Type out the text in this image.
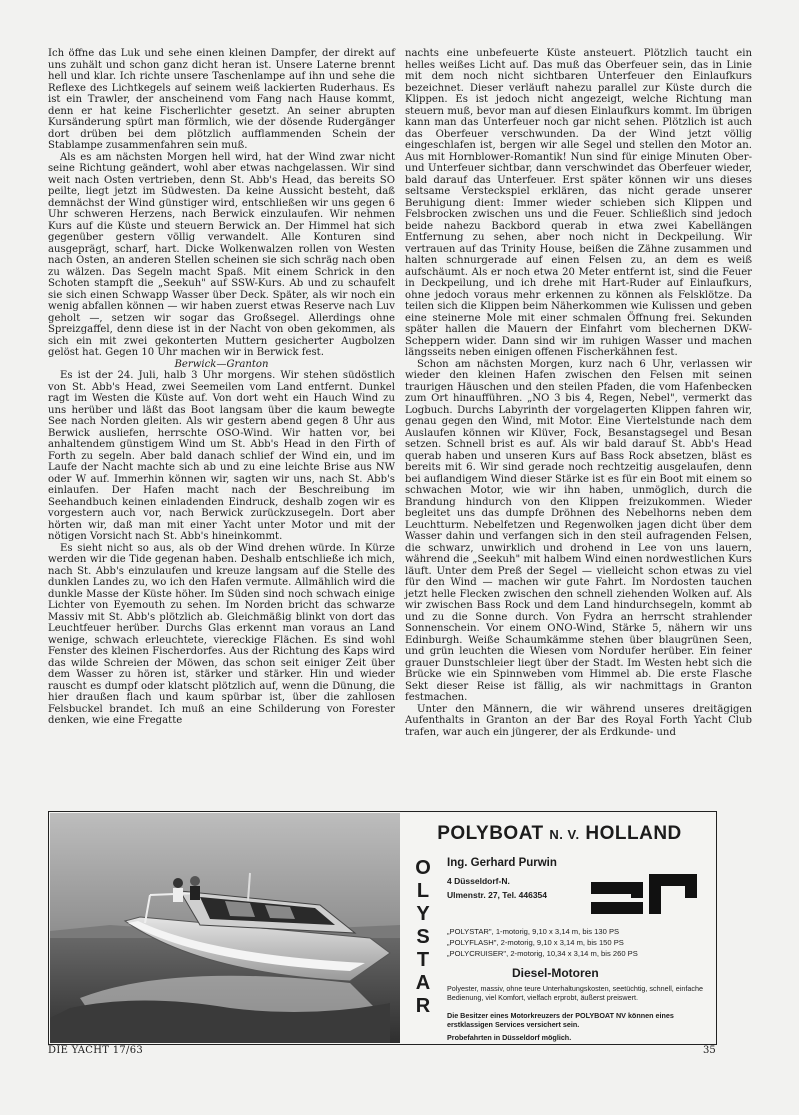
Ich öffne das Luk und sehe einen kleinen Dampfer, der direkt auf uns zuhält und schon ganz dicht heran ist. Unsere Laterne brennt hell und klar. Ich richte unsere Taschenlampe auf ihn und sehe die Reflexe des Lichtkegels auf seinem weiß lackierten Ruderhaus. Es ist ein Trawler, der anscheinend vom Fang nach Hause kommt, denn er hat keine Fischerlichter gesetzt. An seiner abrupten Kursänderung spürt man förmlich, wie der dösende Rudergänger dort drüben bei dem plötzlich aufflammenden Schein der Stablampe zusammenfahren sein muß.

Als es am nächsten Morgen hell wird, hat der Wind zwar nicht seine Richtung geändert, wohl aber etwas nachgelassen. Wir sind weit nach Osten vertrieben, denn St. Abb's Head, das bereits SO peilte, liegt jetzt im Südwesten. Da keine Aussicht besteht, daß demnächst der Wind günstiger wird, entschließen wir uns gegen 6 Uhr schweren Herzens, nach Berwick einzulaufen. Wir nehmen Kurs auf die Küste und steuern Berwick an. Der Himmel hat sich gegenüber gestern völlig verwandelt. Alle Konturen sind ausgeprägt, scharf, hart. Dicke Wolkenwalzen rollen von Westen nach Osten, an anderen Stellen scheinen sie sich schräg nach oben zu wälzen. Das Segeln macht Spaß. Mit einem Schrick in den Schoten stampft die „Seekuh" auf SSW-Kurs. Ab und zu schaufelt sie sich einen Schwapp Wasser über Deck. Später, als wir noch ein wenig abfallen können — wir haben zuerst etwas Reserve nach Luv geholt —, setzen wir sogar das Großsegel. Allerdings ohne Spreizgaffel, denn diese ist in der Nacht von oben gekommen, als sich ein mit zwei gekonterten Muttern gesicherter Augbolzen gelöst hat. Gegen 10 Uhr machen wir in Berwick fest.

Berwick—Granton

Es ist der 24. Juli, halb 3 Uhr morgens. Wir stehen südöstlich von St. Abb's Head, zwei Seemeilen vom Land entfernt. Dunkel ragt im Westen die Küste auf. Von dort weht ein Hauch Wind zu uns herüber und läßt das Boot langsam über die kaum bewegte See nach Norden gleiten. Als wir gestern abend gegen 8 Uhr aus Berwick ausliefen, herrschte OSO-Wind. Wir hatten vor, bei anhaltendem günstigem Wind um St. Abb's Head in den Firth of Forth zu segeln. Aber bald danach schlief der Wind ein, und im Laufe der Nacht machte sich ab und zu eine leichte Brise aus NW oder W auf. Immerhin können wir, sagten wir uns, nach St. Abb's einlaufen. Der Hafen macht nach der Beschreibung im Seehandbuch keinen einladenden Eindruck, deshalb zogen wir es vorgestern auch vor, nach Berwick zurückzusegeln. Dort aber hörten wir, daß man mit einer Yacht unter Motor und mit der nötigen Vorsicht nach St. Abb's hineinkommt.

Es sieht nicht so aus, als ob der Wind drehen würde. In Kürze werden wir die Tide gegenan haben. Deshalb entschließe ich mich, nach St. Abb's einzulaufen und kreuze langsam auf die Stelle des dunklen Landes zu, wo ich den Hafen vermute. Allmählich wird die dunkle Masse der Küste höher. Im Süden sind noch schwach einige Lichter von Eyemouth zu sehen. Im Norden bricht das schwarze Massiv mit St. Abb's plötzlich ab. Gleichmäßig blinkt von dort das Leuchtfeuer herüber. Durchs Glas erkennt man voraus an Land wenige, schwach erleuchtete, viereckige Flächen. Es sind wohl Fenster des kleinen Fischerdorfes. Aus der Richtung des Kaps wird das wilde Schreien der Möwen, das schon seit einiger Zeit über dem Wasser zu hören ist, stärker und stärker. Hin und wieder rauscht es dumpf oder klatscht plötzlich auf, wenn die Dünung, die hier draußen flach und kaum spürbar ist, über die zahllosen Felsbuckel brandet. Ich muß an eine Schilderung von Forester denken, wie eine Fregatte

nachts eine unbefeuerte Küste ansteuert. Plötzlich taucht ein helles weißes Licht auf. Das muß das Oberfeuer sein, das in Linie mit dem noch nicht sichtbaren Unterfeuer den Einlaufkurs bezeichnet. Dieser verläuft nahezu parallel zur Küste durch die Klippen. Es ist jedoch nicht angezeigt, welche Richtung man steuern muß, bevor man auf diesen Einlaufkurs kommt. Im übrigen kann man das Unterfeuer noch gar nicht sehen. Plötzlich ist auch das Oberfeuer verschwunden. Da der Wind jetzt völlig eingeschlafen ist, bergen wir alle Segel und stellen den Motor an. Aus mit Hornblower-Romantik! Nun sind für einige Minuten Ober- und Unterfeuer sichtbar, dann verschwindet das Oberfeuer wieder, bald darauf das Unterfeuer. Erst später können wir uns dieses seltsame Versteckspiel erklären, das nicht gerade unserer Beruhigung dient: Immer wieder schieben sich Klippen und Felsbrocken zwischen uns und die Feuer. Schließlich sind jedoch beide nahezu Backbord querab in etwa zwei Kabellängen Entfernung zu sehen, aber noch nicht in Deckpeilung. Wir vertrauen auf das Trinity House, beißen die Zähne zusammen und halten schnurgerade auf einen Felsen zu, an dem es weiß aufschäumt. Als er noch etwa 20 Meter entfernt ist, sind die Feuer in Deckpeilung, und ich drehe mit Hart-Ruder auf Einlaufkurs, ohne jedoch voraus mehr erkennen zu können als Felsklötze. Da teilen sich die Klippen beim Näherkommen wie Kulissen und geben eine steinerne Mole mit einer schmalen Öffnung frei. Sekunden später hallen die Mauern der Einfahrt vom blechernen DKW-Scheppern wider. Dann sind wir im ruhigen Wasser und machen längsseits neben einigen offenen Fischerkähnen fest.

Schon am nächsten Morgen, kurz nach 6 Uhr, verlassen wir wieder den kleinen Hafen zwischen den Felsen mit seinen traurigen Häuschen und den steilen Pfaden, die vom Hafenbecken zum Ort hinaufführen. „NO 3 bis 4, Regen, Nebel", vermerkt das Logbuch. Durchs Labyrinth der vorgelagerten Klippen fahren wir, genau gegen den Wind, mit Motor. Eine Viertelstunde nach dem Auslaufen können wir Klüver, Fock, Besanstagsegel und Besan setzen. Schnell brist es auf. Als wir bald darauf St. Abb's Head querab haben und unseren Kurs auf Bass Rock absetzen, bläst es bereits mit 6. Wir sind gerade noch rechtzeitig ausgelaufen, denn bei auflandigem Wind dieser Stärke ist es für ein Boot mit einem so schwachen Motor, wie wir ihn haben, unmöglich, durch die Brandung hindurch von den Klippen freizukommen. Wieder begleitet uns das dumpfe Dröhnen des Nebelhorns neben dem Leuchtturm. Nebelfetzen und Regenwolken jagen dicht über dem Wasser dahin und verfangen sich in den steil aufragenden Felsen, die schwarz, unwirklich und drohend in Lee von uns lauern, während die „Seekuh" mit halbem Wind einen nordwestlichen Kurs läuft. Unter dem Preß der Segel — vielleicht schon etwas zu viel für den Wind — machen wir gute Fahrt. Im Nordosten tauchen jetzt helle Flecken zwischen den schnell ziehenden Wolken auf. Als wir zwischen Bass Rock und dem Land hindurchsegeln, kommt ab und zu die Sonne durch. Von Fydra an herrscht strahlender Sonnenschein. Vor einem ONO-Wind, Stärke 5, nähern wir uns Edinburgh. Weiße Schaumkämme stehen über blaugrünen Seen, und grün leuchten die Wiesen vom Nordufer herüber. Ein feiner grauer Dunstschleier liegt über der Stadt. Im Westen hebt sich die Brücke wie ein Spinnweben vom Himmel ab. Die erste Flasche Sekt dieser Reise ist fällig, als wir nachmittags in Granton festmachen.

Unter den Männern, die wir während unseres dreitägigen Aufenthalts in Granton an der Bar des Royal Forth Yacht Club trafen, war auch ein jüngerer, der als Erdkunde- und

POLYBOAT N. V. HOLLAND
O
L
Y
S
T
A
R
Ing. Gerhard Purwin
4 Düsseldorf-N.
Ulmenstr. 27, Tel. 446354
„POLYSTAR", 1-motorig, 9,10 x 3,14 m, bis 130 PS
„POLYFLASH", 2-motorig, 9,10 x 3,14 m, bis 150 PS
„POLYCRUISER", 2-motorig, 10,34 x 3,14 m, bis 260 PS
Diesel-Motoren
Polyester, massiv, ohne teure Unterhaltungskosten, seetüchtig, schnell, einfache Bedienung, viel Komfort, vielfach erprobt, äußerst preiswert.
Die Besitzer eines Motorkreuzers der POLYBOAT NV können eines erstklassigen Services versichert sein.
Probefahrten in Düsseldorf möglich.
DIE YACHT 17/63	35
